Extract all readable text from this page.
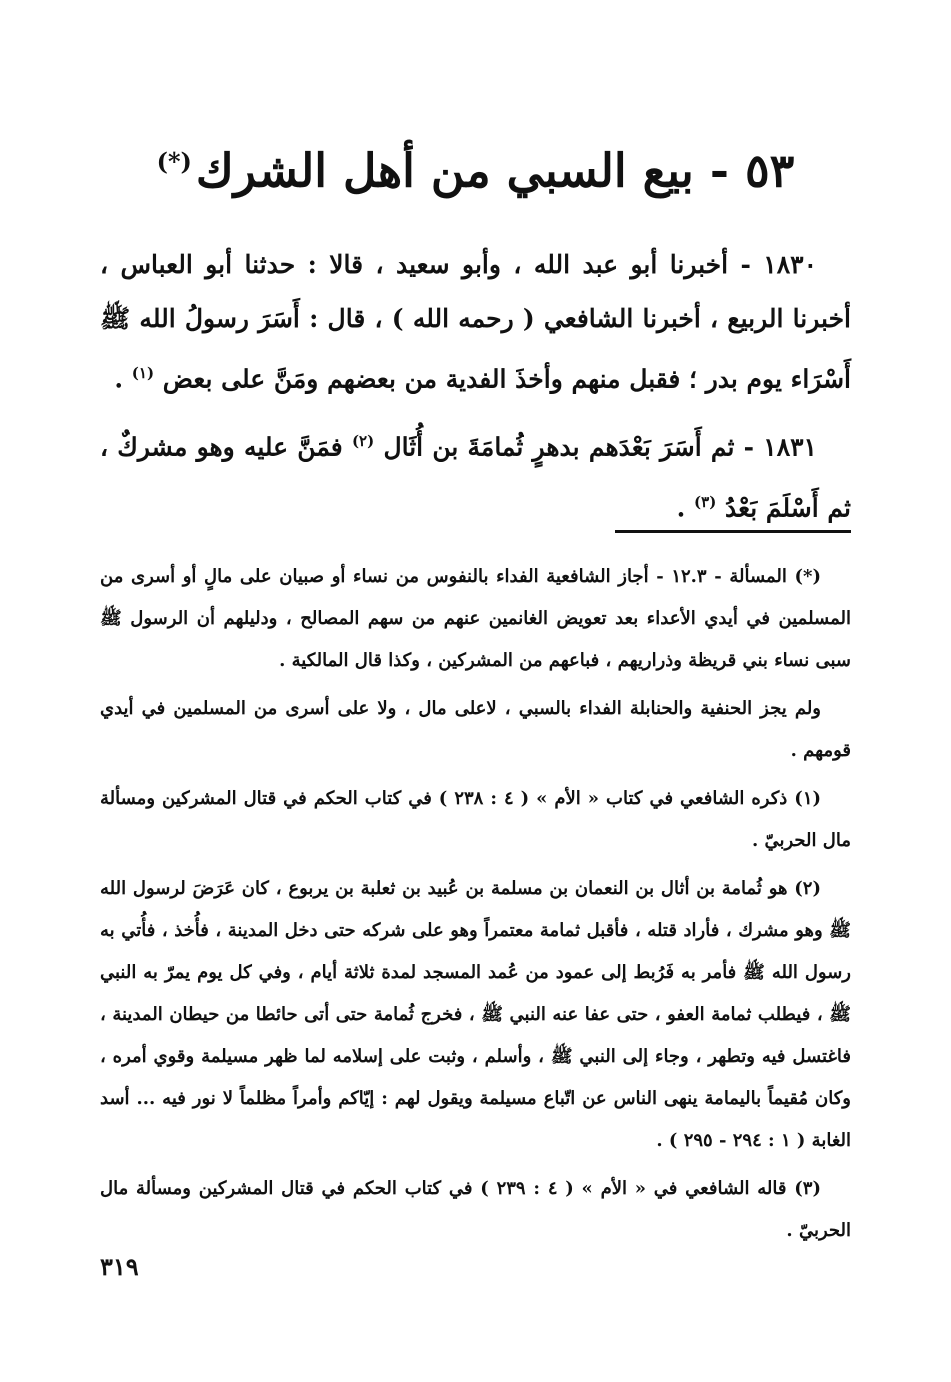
٥٣ - بيع السبي من أهل الشرك(*)

١٨٣٠ - أخبرنا أبو عبد الله ، وأبو سعيد ، قالا : حدثنا أبو العباس ، أخبرنا الربيع ، أخبرنا الشافعي ( رحمه الله ) ، قال : أَسَرَ رسولُ الله ﷺ أَسْرَاء يوم بدر ؛ فقبل منهم وأخذَ الفدية من بعضهم ومَنَّ على بعض $^{(١)}$ .

١٨٣١ - ثم أَسَرَ بَعْدَهم بدهرٍ ثُمامَةَ بن أُثَال $^{(٢)}$ فمَنَّ عليه وهو مشركٌ ، ثم أَسْلَمَ بَعْدُ $^{(٣)}$ .

(*) المسألة - ١٢.٣ - أجاز الشافعية الفداء بالنفوس من نساء أو صبيان على مالٍ أو أسرى من المسلمين في أيدي الأعداء بعد تعويض الغانمين عنهم من سهم المصالح ، ودليلهم أن الرسول ﷺ سبى نساء بني قريظة وذراريهم ، فباعهم من المشركين ، وكذا قال المالكية .

ولم يجز الحنفية والحنابلة الفداء بالسبي ، لاعلى مال ، ولا على أسرى من المسلمين في أيدي قومهم .

(١) ذكره الشافعي في كتاب « الأم » ( ٤ : ٢٣٨ ) في كتاب الحكم في قتال المشركين ومسألة مال الحربيّ .

(٢) هو ثُمامة بن أثال بن النعمان بن مسلمة بن عُبيد بن ثعلبة بن يربوع ، كان عَرَضَ لرسول الله ﷺ وهو مشرك ، فأراد قتله ، فأقبل ثمامة معتمراً وهو على شركه حتى دخل المدينة ، فأُخذ ، فأُتي به رسول الله ﷺ فأمر به فَرُبط إلى عمود من عُمد المسجد لمدة ثلاثة أيام ، وفي كل يوم يمرّ به النبي ﷺ ، فيطلب ثمامة العفو ، حتى عفا عنه النبي ﷺ ، فخرج ثُمامة حتى أتى حائطا من حيطان المدينة ، فاغتسل فيه وتطهر ، وجاء إلى النبي ﷺ ، وأسلم ، وثبت على إسلامه لما ظهر مسيلمة وقوي أمره ، وكان مُقيماً باليمامة ينهى الناس عن اتّباع مسيلمة ويقول لهم : إيّاكم وأمراً مظلماً لا نور فيه ... أسد الغابة ( ١ : ٢٩٤ - ٢٩٥ ) .

(٣) قاله الشافعي في « الأم » ( ٤ : ٢٣٩ ) في كتاب الحكم في قتال المشركين ومسألة مال الحربيّ .

٣١٩
